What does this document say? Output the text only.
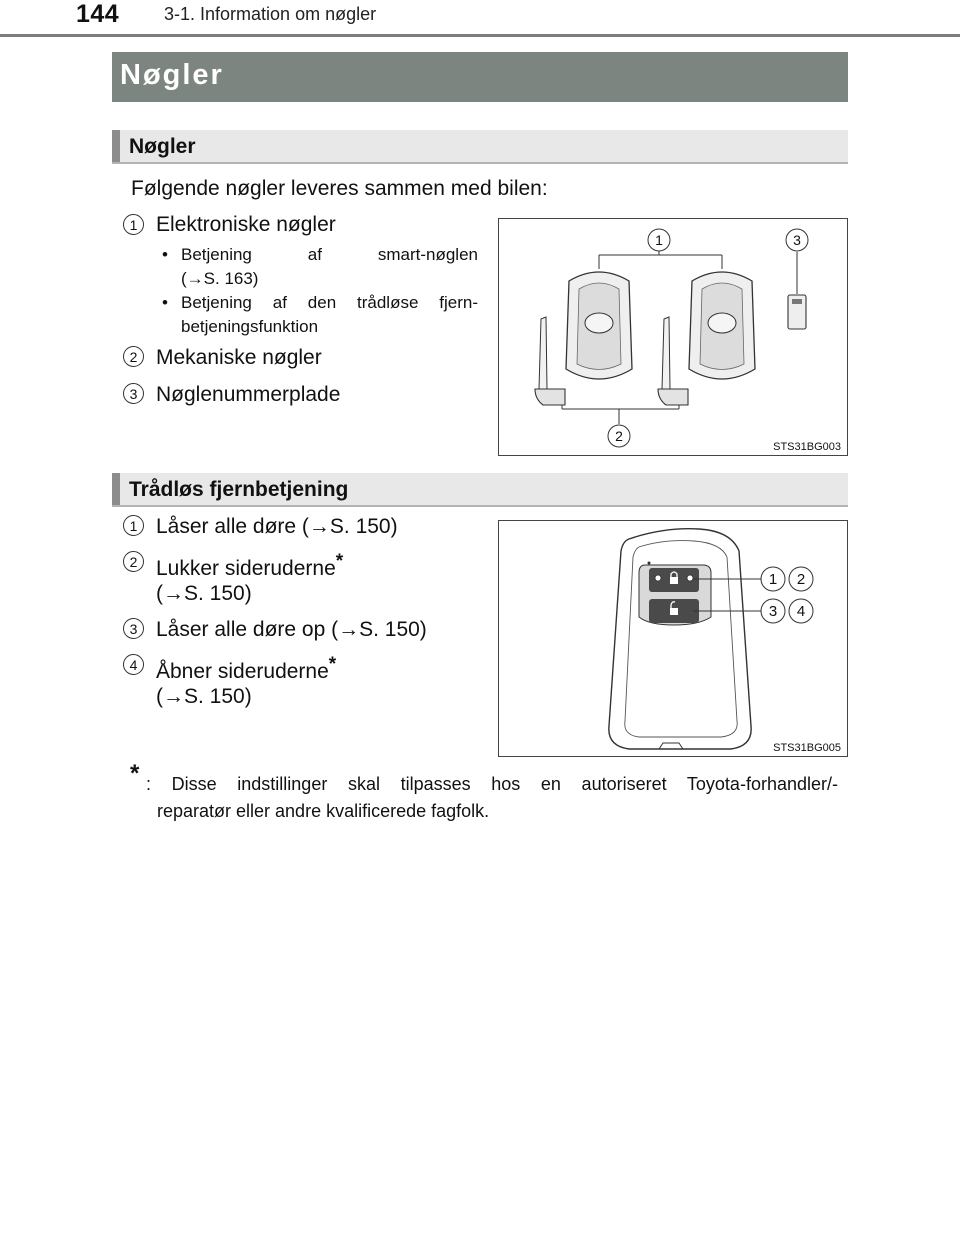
144 3-1. Information om nøgler
Nøgler
Nøgler
Følgende nøgler leveres sammen med bilen:
1 Elektroniske nøgler
• Betjening af smart-nøglen
(→S. 163)
• Betjening af den trådløse fjern-
betjeningsfunktion
2 Mekaniske nøgler
3 Nøglenummerplade
1	3
2
STS31BG003
Trådløs fjernbetjening
1 Låser alle døre (→S. 150)
2 Lukker sideruderne*
(→S. 150)
3 Låser alle døre op (→S. 150)
4 Åbner sideruderne*
(→S. 150)
1 2
3 4
STS31BG005
* : Disse indstillinger skal tilpasses hos en autoriseret Toyota-forhandler/-
reparatør eller andre kvalificerede fagfolk.
